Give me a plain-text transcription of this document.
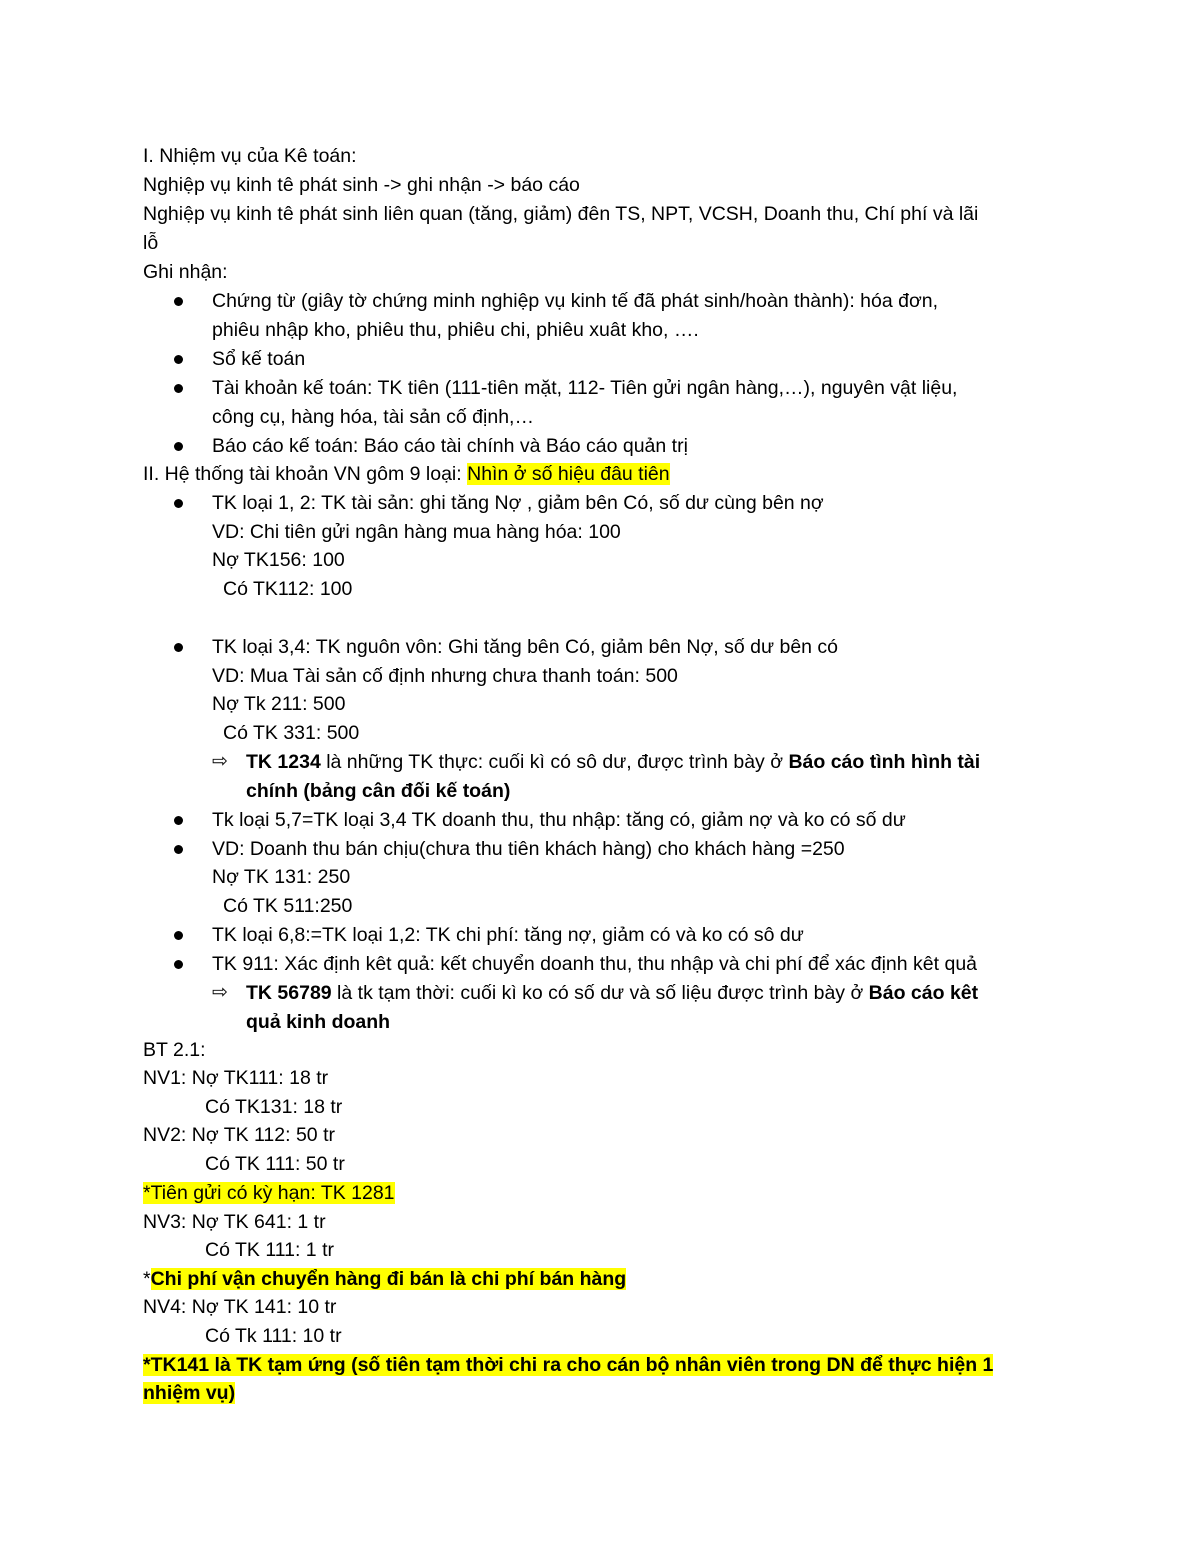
I. Nhiệm vụ của Kê toán:
Nghiệp vụ kinh tê phát sinh -> ghi nhận -> báo cáo
Nghiệp vụ kinh tê phát sinh liên quan (tăng, giảm) đên TS, NPT, VCSH, Doanh thu, Chí phí và lãi
lỗ
Ghi nhận:
Chứng từ (giây tờ chứng minh nghiệp vụ kinh tế đã phát sinh/hoàn thành): hóa đơn,
phiêu nhập kho, phiêu thu, phiêu chi, phiêu xuât kho, ….
Sổ kế toán
Tài khoản kế toán: TK tiên (111-tiên mặt, 112- Tiên gửi ngân hàng,…), nguyên vật liệu,
công cụ, hàng hóa, tài sản cố định,…
Báo cáo kế toán: Báo cáo tài chính và Báo cáo quản trị
II. Hệ thống tài khoản VN gôm 9 loại: Nhìn ở số hiệu đâu tiên
TK loại 1, 2: TK tài sản: ghi tăng Nợ , giảm bên Có, số dư cùng bên nợ
VD: Chi tiên gửi ngân hàng mua hàng hóa: 100
Nợ TK156: 100
Có TK112: 100
TK loại 3,4: TK nguôn vôn: Ghi tăng bên Có, giảm bên Nợ, số dư bên có
VD: Mua Tài sản cố định nhưng chưa thanh toán: 500
Nợ Tk 211: 500
Có TK 331: 500
⇨ TK 1234 là những TK thực: cuối kì có sô dư, được trình bày ở Báo cáo tình hình tài
chính (bảng cân đối kế toán)
Tk loại 5,7=TK loại 3,4 TK doanh thu, thu nhập: tăng có, giảm nợ và ko có số dư
VD: Doanh thu bán chịu(chưa thu tiên khách hàng) cho khách hàng =250
Nợ TK 131: 250
Có TK 511:250
TK loại 6,8:=TK loại 1,2: TK chi phí: tăng nợ, giảm có và ko có sô dư
TK 911: Xác định kêt quả: kết chuyển doanh thu, thu nhập và chi phí để xác định kêt quả
⇨ TK 56789 là tk tạm thời: cuối kì ko có số dư và số liệu được trình bày ở Báo cáo kêt
quả kinh doanh
BT 2.1:
NV1: Nợ TK111: 18 tr
Có TK131: 18 tr
NV2: Nợ TK 112: 50 tr
Có TK 111: 50 tr
*Tiên gửi có kỳ hạn: TK 1281
NV3: Nợ TK 641: 1 tr
Có TK 111: 1 tr
*Chi phí vận chuyển hàng đi bán là chi phí bán hàng
NV4: Nợ TK 141: 10 tr
Có Tk 111: 10 tr
*TK141 là TK tạm ứng (số tiên tạm thời chi ra cho cán bộ nhân viên trong DN để thực hiện 1
nhiệm vụ)
